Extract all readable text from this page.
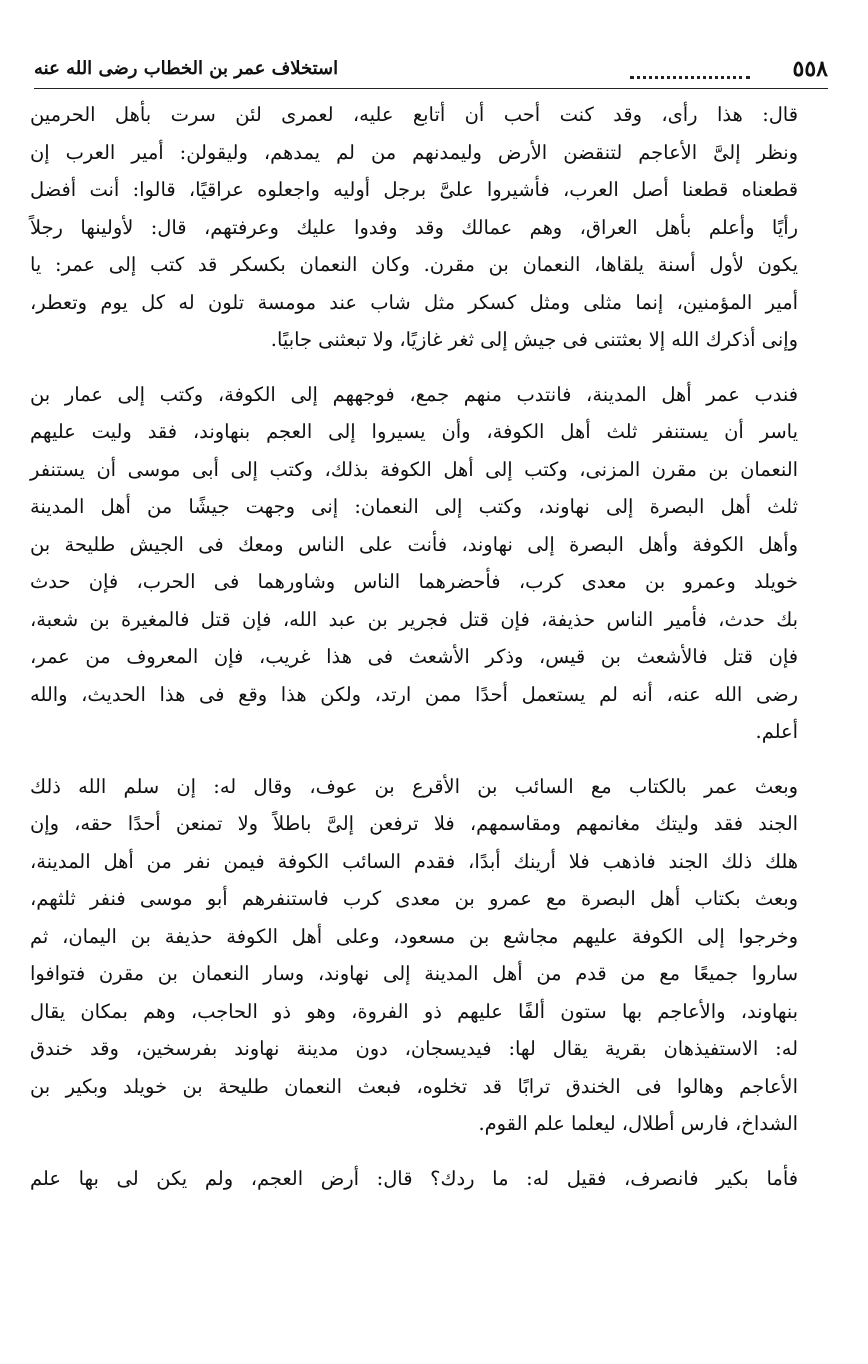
٥٥٨
استخلاف عمر بن الخطاب رضى الله عنه

قال: هذا رأى، وقد كنت أحب أن أتابع عليه، لعمرى لئن سرت بأهل الحرمين
ونظر إلىَّ الأعاجم لتنقضن الأرض وليمدنهم من لم يمدهم، وليقولن: أمير العرب إن
قطعناه قطعنا أصل العرب، فأشيروا علىَّ برجل أوليه واجعلوه عراقيًا، قالوا: أنت أفضل
رأيًا وأعلم بأهل العراق، وهم عمالك وقد وفدوا عليك وعرفتهم، قال: لأولينها رجلاً
يكون لأول أسنة يلقاها، النعمان بن مقرن. وكان النعمان بكسكر قد كتب إلى عمر: يا
أمير المؤمنين، إنما مثلى ومثل كسكر مثل شاب عند مومسة تلون له كل يوم وتعطر،
وإنى أذكرك الله إلا بعثتنى فى جيش إلى ثغر غازيًا، ولا تبعثنى جابيًا.

فندب عمر أهل المدينة، فانتدب منهم جمع، فوجههم إلى الكوفة، وكتب إلى عمار بن
ياسر أن يستنفر ثلث أهل الكوفة، وأن يسيروا إلى العجم بنهاوند، فقد وليت عليهم
النعمان بن مقرن المزنى، وكتب إلى أهل الكوفة بذلك، وكتب إلى أبى موسى أن يستنفر
ثلث أهل البصرة إلى نهاوند، وكتب إلى النعمان: إنى وجهت جيشًا من أهل المدينة
وأهل الكوفة وأهل البصرة إلى نهاوند، فأنت على الناس ومعك فى الجيش طليحة بن
خويلد وعمرو بن معدى كرب، فأحضرهما الناس وشاورهما فى الحرب، فإن حدث
بك حدث، فأمير الناس حذيفة، فإن قتل فجرير بن عبد الله، فإن قتل فالمغيرة بن شعبة،
فإن قتل فالأشعث بن قيس، وذكر الأشعث فى هذا غريب، فإن المعروف من عمر،
رضى الله عنه، أنه لم يستعمل أحدًا ممن ارتد، ولكن هذا وقع فى هذا الحديث، والله
أعلم.

وبعث عمر بالكتاب مع السائب بن الأقرع بن عوف، وقال له: إن سلم الله ذلك
الجند فقد وليتك مغانمهم ومقاسمهم، فلا ترفعن إلىَّ باطلاً ولا تمنعن أحدًا حقه، وإن
هلك ذلك الجند فاذهب فلا أرينك أبدًا، فقدم السائب الكوفة فيمن نفر من أهل المدينة،
وبعث بكتاب أهل البصرة مع عمرو بن معدى كرب فاستنفرهم أبو موسى فنفر ثلثهم،
وخرجوا إلى الكوفة عليهم مجاشع بن مسعود، وعلى أهل الكوفة حذيفة بن اليمان، ثم
ساروا جميعًا مع من قدم من أهل المدينة إلى نهاوند، وسار النعمان بن مقرن فتوافوا
بنهاوند، والأعاجم بها ستون ألفًا عليهم ذو الفروة، وهو ذو الحاجب، وهم بمكان يقال
له: الاستفيذهان بقرية يقال لها: فيديسجان، دون مدينة نهاوند بفرسخين، وقد خندق
الأعاجم وهالوا فى الخندق ترابًا قد تخلوه، فبعث النعمان طليحة بن خويلد وبكير بن
الشداخ، فارس أطلال، ليعلما علم القوم.

فأما بكير فانصرف، فقيل له: ما ردك؟ قال: أرض العجم، ولم يكن لى بها علم
